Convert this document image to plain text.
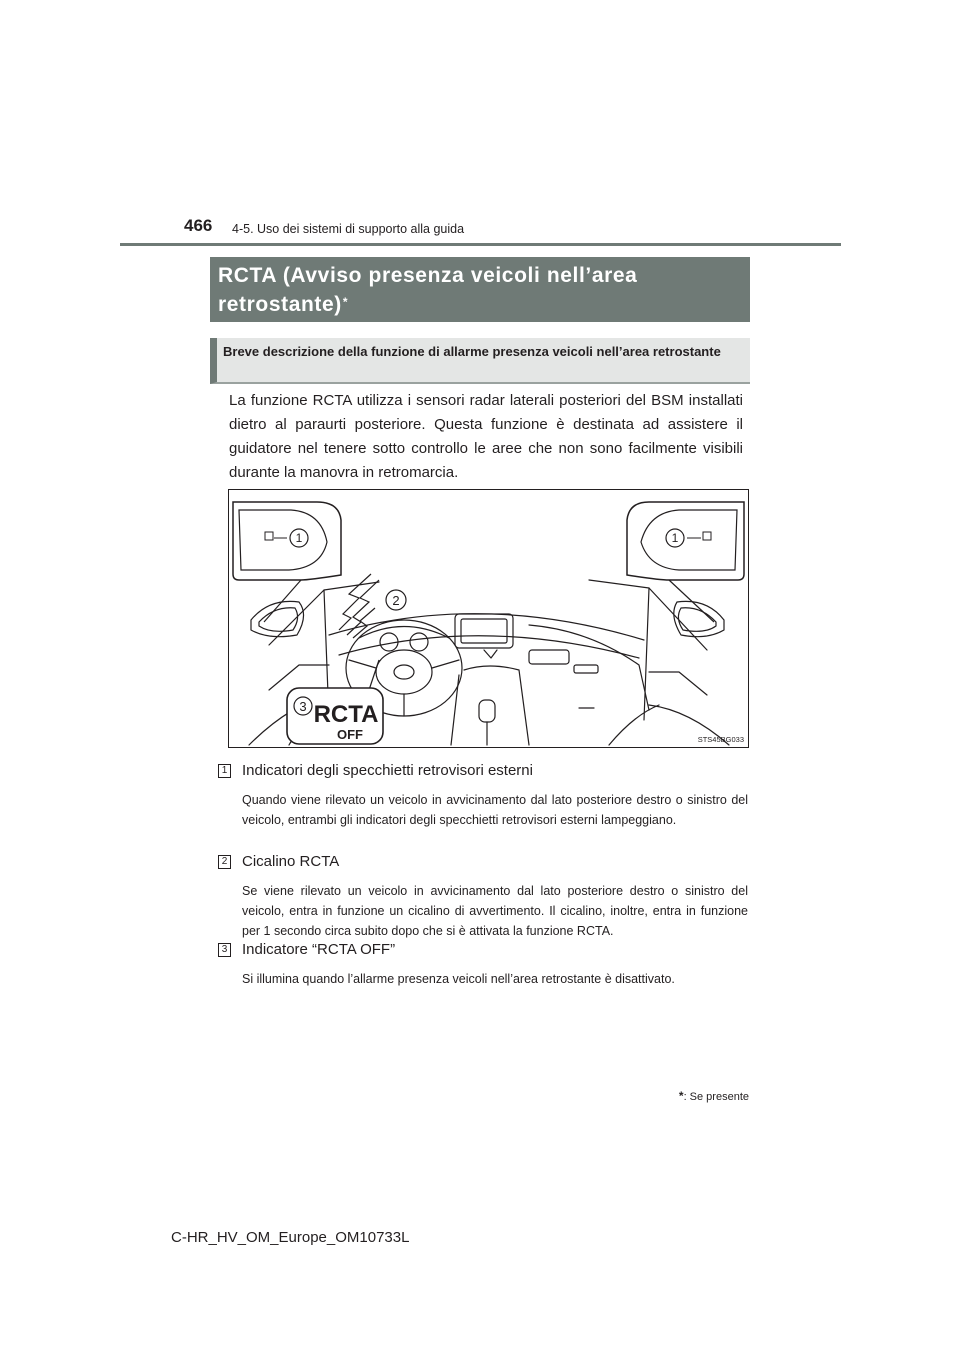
466 4-5. Uso dei sistemi di supporto alla guida
RCTA (Avviso presenza veicoli nell’area
retrostante)*
Breve descrizione della funzione di allarme presenza veicoli nell’area retrostante
La funzione RCTA utilizza i sensori radar laterali posteriori del BSM installati dietro al paraurti posteriore. Questa funzione è destinata ad assistere il guidatore nel tenere sotto controllo le aree che non sono facilmente visibili durante la manovra in retromarcia.
1	1
2
3 RCTA
OFF	STS45BG033
1 Indicatori degli specchietti retrovisori esterni
Quando viene rilevato un veicolo in avvicinamento dal lato posteriore destro o sinistro del veicolo, entrambi gli indicatori degli specchietti retrovisori esterni lampeggiano.
2 Cicalino RCTA
Se viene rilevato un veicolo in avvicinamento dal lato posteriore destro o sinistro del veicolo, entra in funzione un cicalino di avvertimento. Il cicalino, inoltre, entra in funzione per 1 secondo circa subito dopo che si è attivata la funzione RCTA.
3 Indicatore “RCTA OFF”
Si illumina quando l’allarme presenza veicoli nell’area retrostante è disattivato.
*: Se presente
C-HR_HV_OM_Europe_OM10733L
